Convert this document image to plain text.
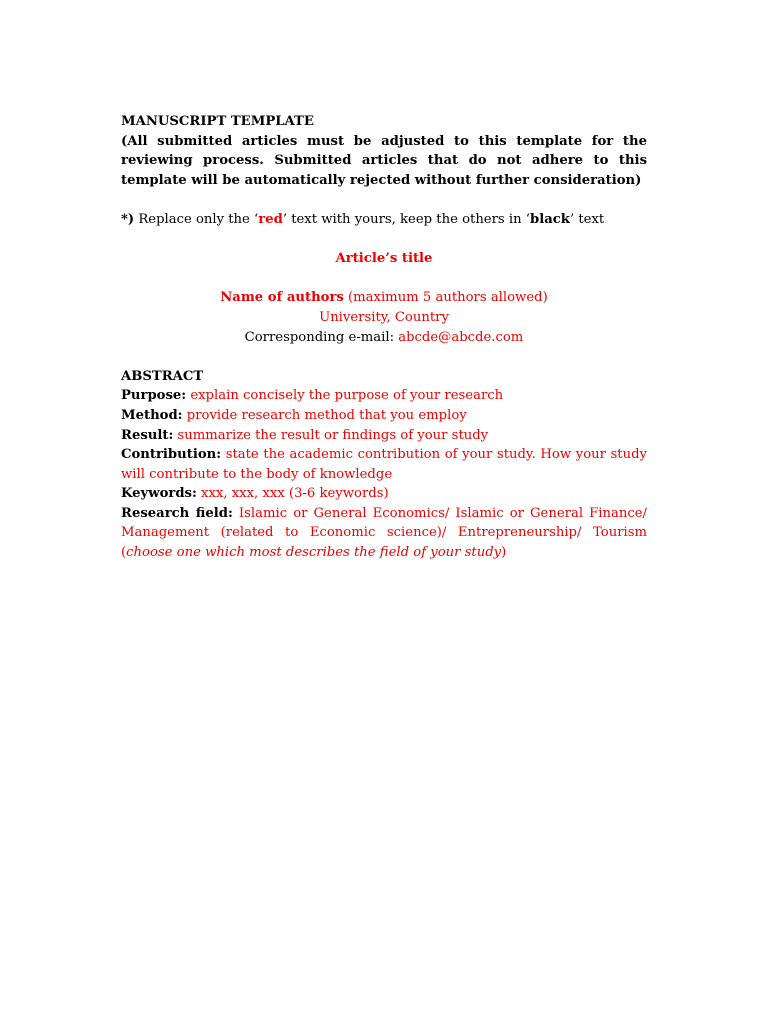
MANUSCRIPT TEMPLATE

(All submitted articles must be adjusted to this template for the reviewing process. Submitted articles that do not adhere to this template will be automatically rejected without further consideration)

*) Replace only the ‘red’ text with yours, keep the others in ‘black’ text

Article’s title

Name of authors (maximum 5 authors allowed)

University, Country

Corresponding e-mail: abcde@abcde.com

ABSTRACT

Purpose: explain concisely the purpose of your research

Method: provide research method that you employ

Result: summarize the result or findings of your study

Contribution: state the academic contribution of your study. How your study will contribute to the body of knowledge

Keywords: xxx, xxx, xxx (3-6 keywords)

Research field: Islamic or General Economics/ Islamic or General Finance/ Management (related to Economic science)/ Entrepreneurship/ Tourism (choose one which most describes the field of your study)
